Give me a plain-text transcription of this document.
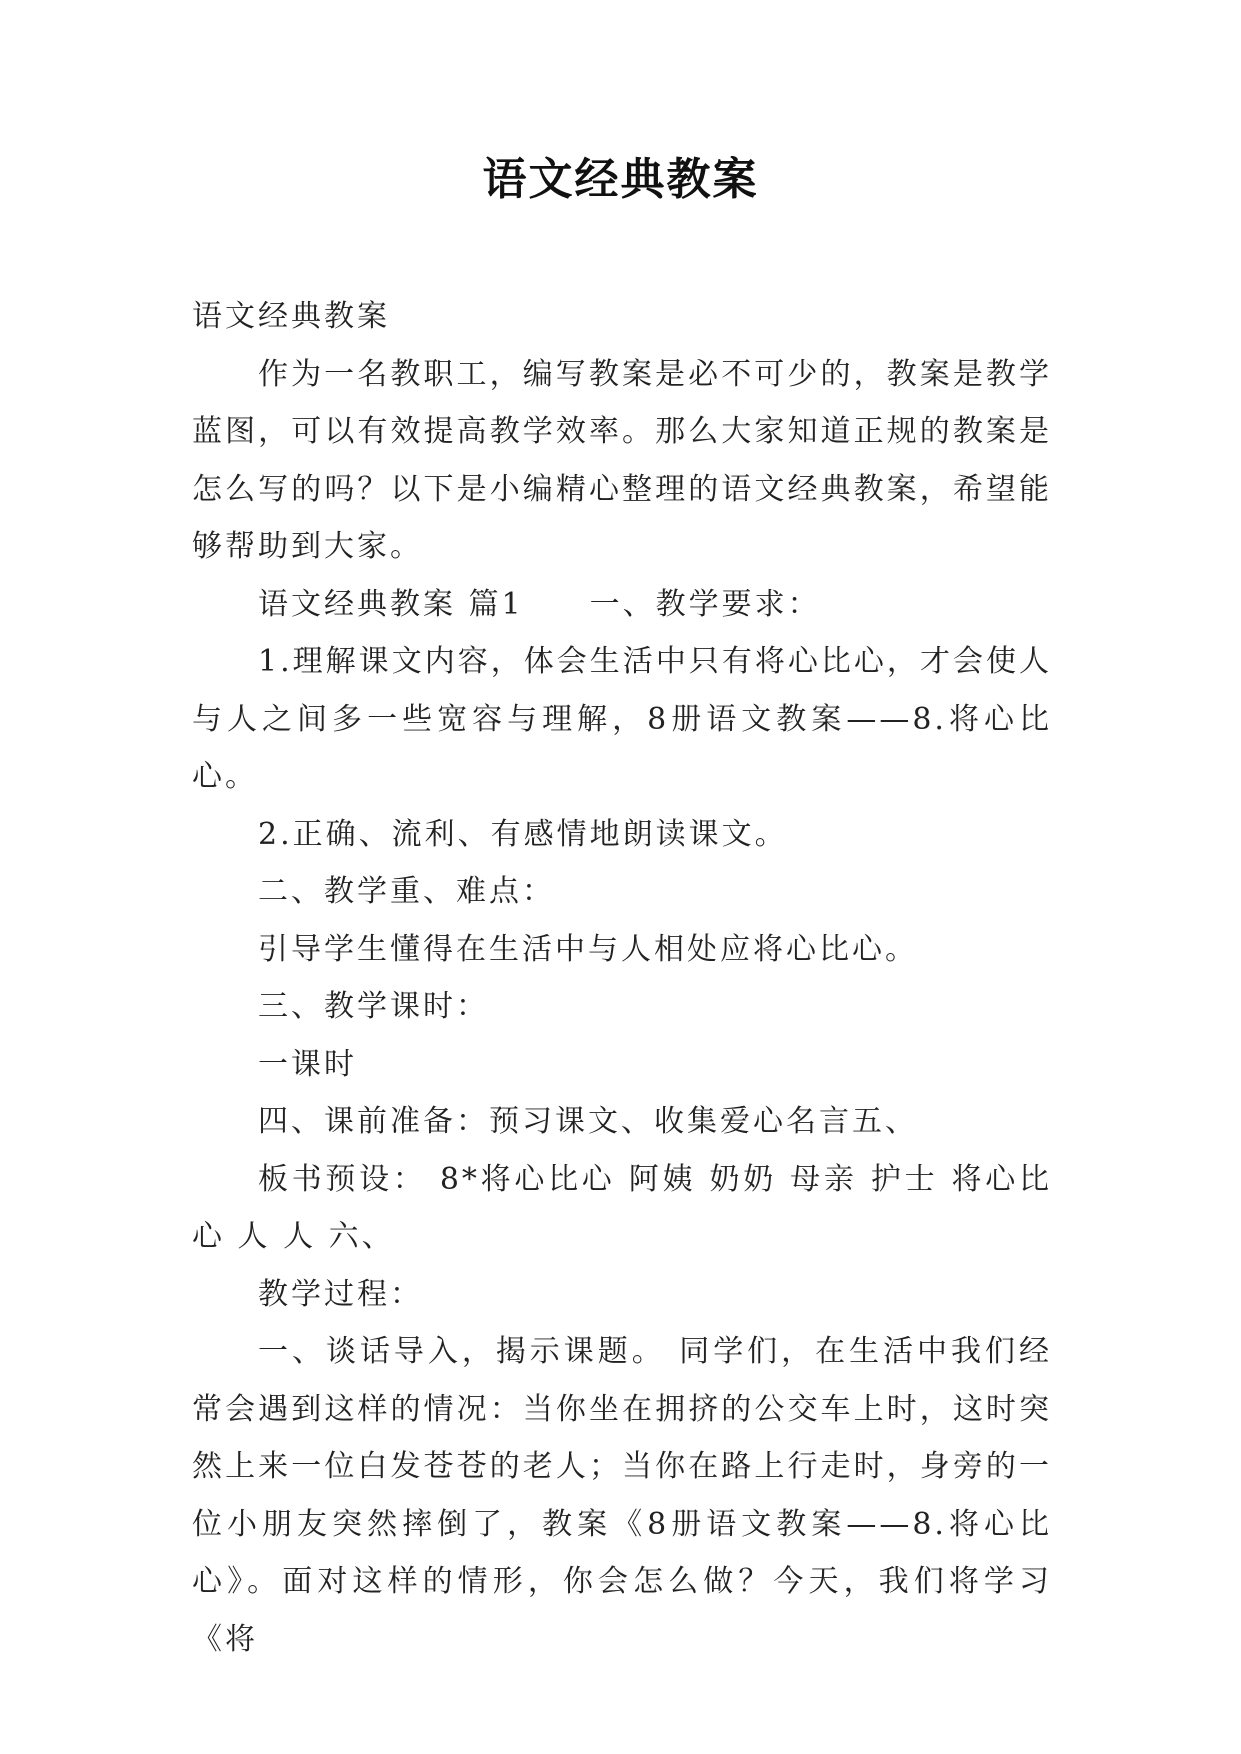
语文经典教案

语文经典教案

作为一名教职工，编写教案是必不可少的，教案是教学蓝图，可以有效提高教学效率。那么大家知道正规的教案是怎么写的吗？以下是小编精心整理的语文经典教案，希望能够帮助到大家。

语文经典教案 篇1　　一、教学要求：

1.理解课文内容，体会生活中只有将心比心，才会使人与人之间多一些宽容与理解，8册语文教案——8.将心比心。

2.正确、流利、有感情地朗读课文。

二、教学重、难点：

引导学生懂得在生活中与人相处应将心比心。

三、教学课时：

一课时

四、课前准备：预习课文、收集爱心名言五、

板书预设： 8*将心比心 阿姨 奶奶 母亲 护士 将心比心 人 人 六、

教学过程：

一、谈话导入，揭示课题。 同学们，在生活中我们经常会遇到这样的情况：当你坐在拥挤的公交车上时，这时突然上来一位白发苍苍的老人；当你在路上行走时，身旁的一位小朋友突然摔倒了，教案《8册语文教案——8.将心比心》。面对这样的情形，你会怎么做？今天，我们将学习《将
